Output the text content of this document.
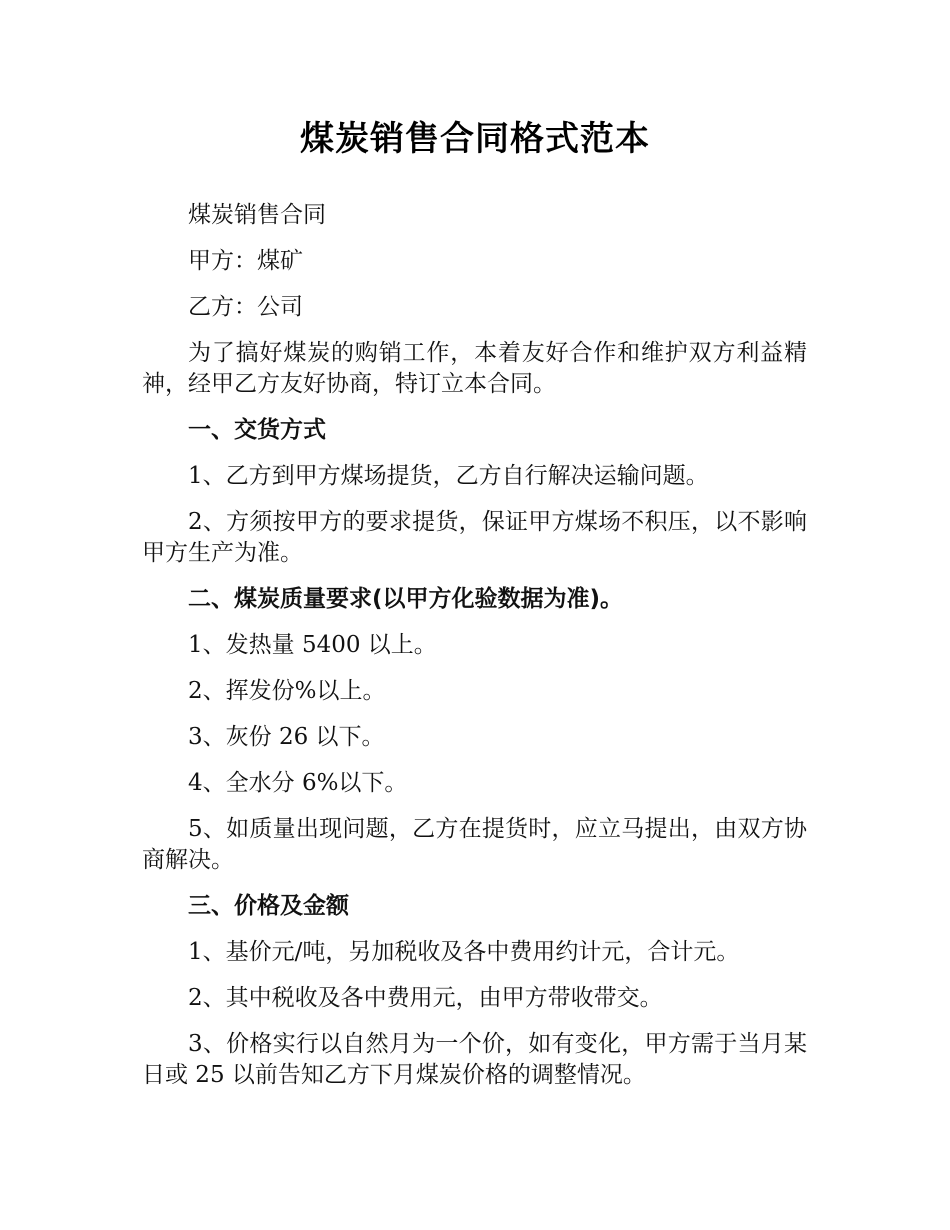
煤炭销售合同格式范本

煤炭销售合同

甲方：煤矿

乙方：公司

为了搞好煤炭的购销工作，本着友好合作和维护双方利益精神，经甲乙方友好协商，特订立本合同。

一、交货方式

1、乙方到甲方煤场提货，乙方自行解决运输问题。

2、方须按甲方的要求提货，保证甲方煤场不积压，以不影响甲方生产为准。

二、煤炭质量要求(以甲方化验数据为准)。

1、发热量 5400 以上。

2、挥发份%以上。

3、灰份 26 以下。

4、全水分 6%以下。

5、如质量出现问题，乙方在提货时，应立马提出，由双方协商解决。

三、价格及金额

1、基价元/吨，另加税收及各中费用约计元，合计元。

2、其中税收及各中费用元，由甲方带收带交。

3、价格实行以自然月为一个价，如有变化，甲方需于当月某日或 25 以前告知乙方下月煤炭价格的调整情况。
